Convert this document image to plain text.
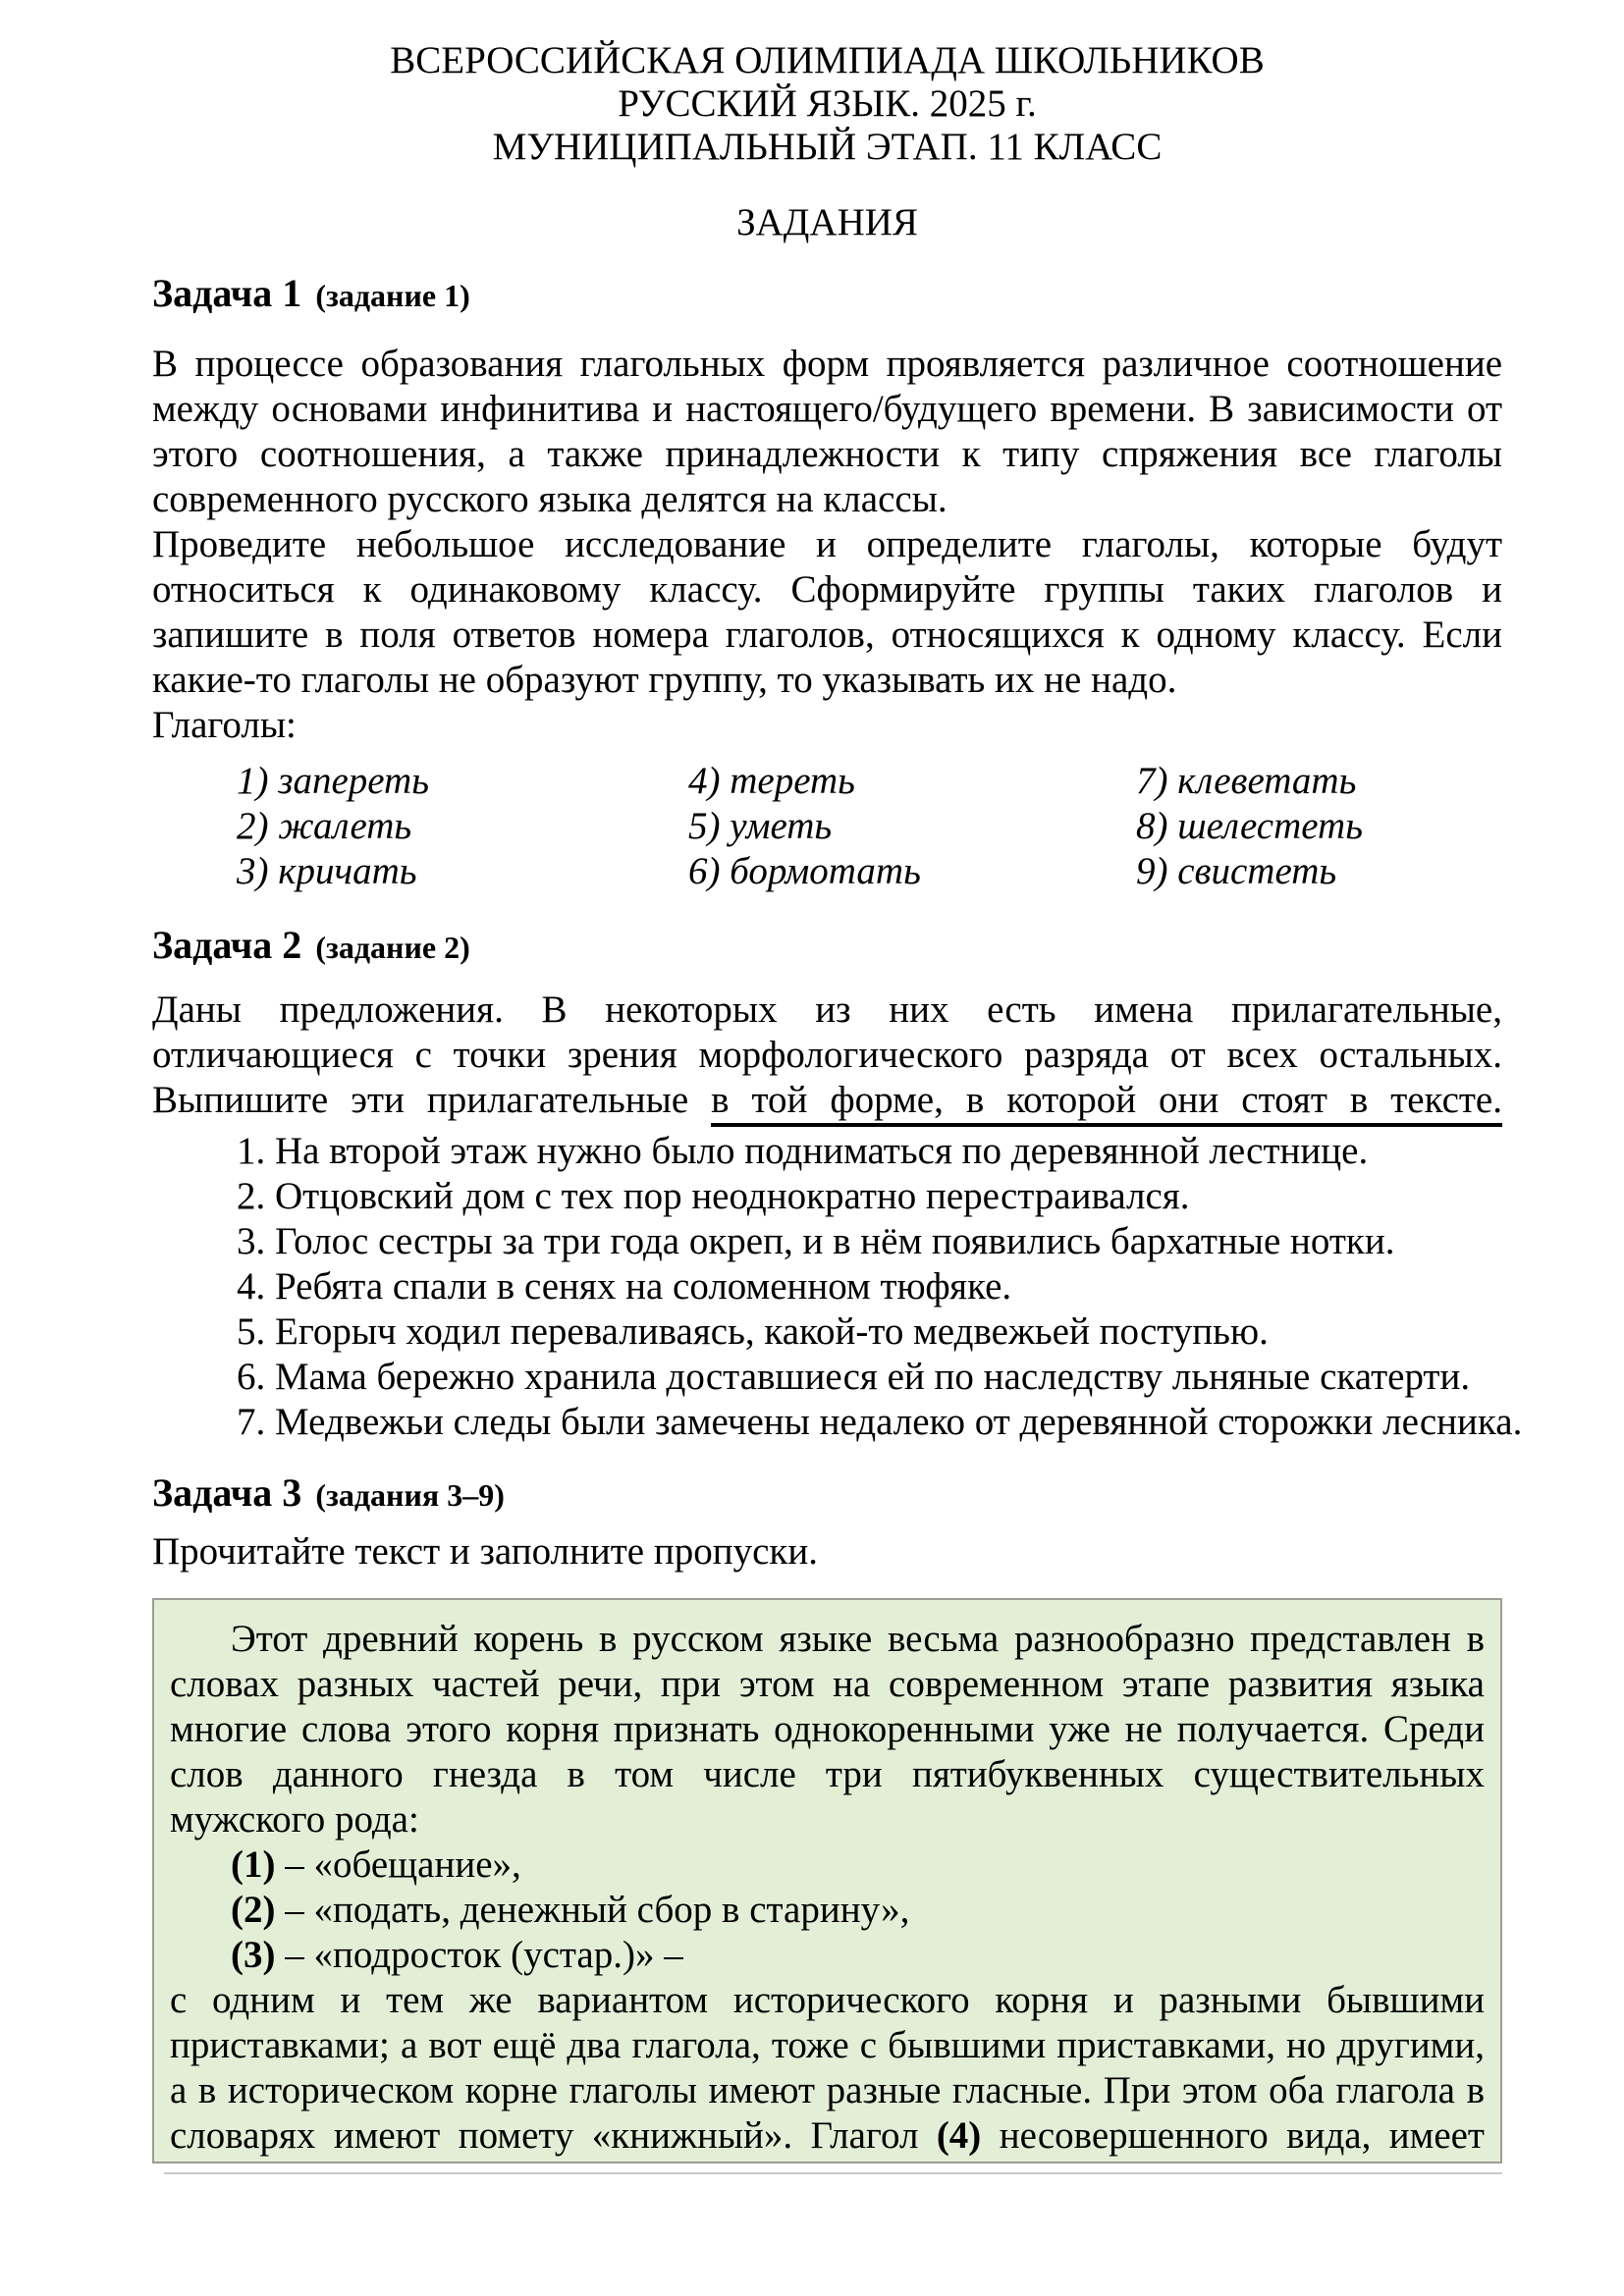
ВСЕРОССИЙСКАЯ ОЛИМПИАДА ШКОЛЬНИКОВ
РУССКИЙ ЯЗЫК. 2025 г.
МУНИЦИПАЛЬНЫЙ ЭТАП. 11 КЛАСС
ЗАДАНИЯ
Задача 1 (задание 1)

В процессе образования глагольных форм проявляется различное соотношение между основами инфинитива и настоящего/будущего времени. В зависимости от этого соотношения, а также принадлежности к типу спряжения все глаголы современного русского языка делятся на классы.

Проведите небольшое исследование и определите глаголы, которые будут относиться к одинаковому классу. Сформируйте группы таких глаголов и запишите в поля ответов номера глаголов, относящихся к одному классу. Если какие-то глаголы не образуют группу, то указывать их не надо.

Глаголы:

1) запереть
2) жалеть
3) кричать
4) тереть
5) уметь
6) бормотать
7) клеветать
8) шелестеть
9) свистеть
Задача 2 (задание 2)

Даны предложения. В некоторых из них есть имена прилагательные, отличающиеся с точки зрения морфологического разряда от всех остальных. Выпишите эти прилагательные в той форме, в которой они стоят в тексте.

1. На второй этаж нужно было подниматься по деревянной лестнице.
2. Отцовский дом с тех пор неоднократно перестраивался.
3. Голос сестры за три года окреп, и в нём появились бархатные нотки.
4. Ребята спали в сенях на соломенном тюфяке.
5. Егорыч ходил переваливаясь, какой-то медвежьей поступью.
6. Мама бережно хранила доставшиеся ей по наследству льняные скатерти.
7. Медвежьи следы были замечены недалеко от деревянной сторожки лесника.
Задача 3 (задания 3–9)

Прочитайте текст и заполните пропуски.

Этот древний корень в русском языке весьма разнообразно представлен в словах разных частей речи, при этом на современном этапе развития языка многие слова этого корня признать однокоренными уже не получается. Среди слов данного гнезда в том числе три пятибуквенных существительных мужского рода:

(1) – «обещание»,
(2) – «подать, денежный сбор в старину»,
(3) – «подросток (устар.)» –

с одним и тем же вариантом исторического корня и разными бывшими приставками; а вот ещё два глагола, тоже с бывшими приставками, но другими, а в историческом корне глаголы имеют разные гласные. При этом оба глагола в словарях имеют помету «книжный». Глагол (4) несовершенного вида, имеет
